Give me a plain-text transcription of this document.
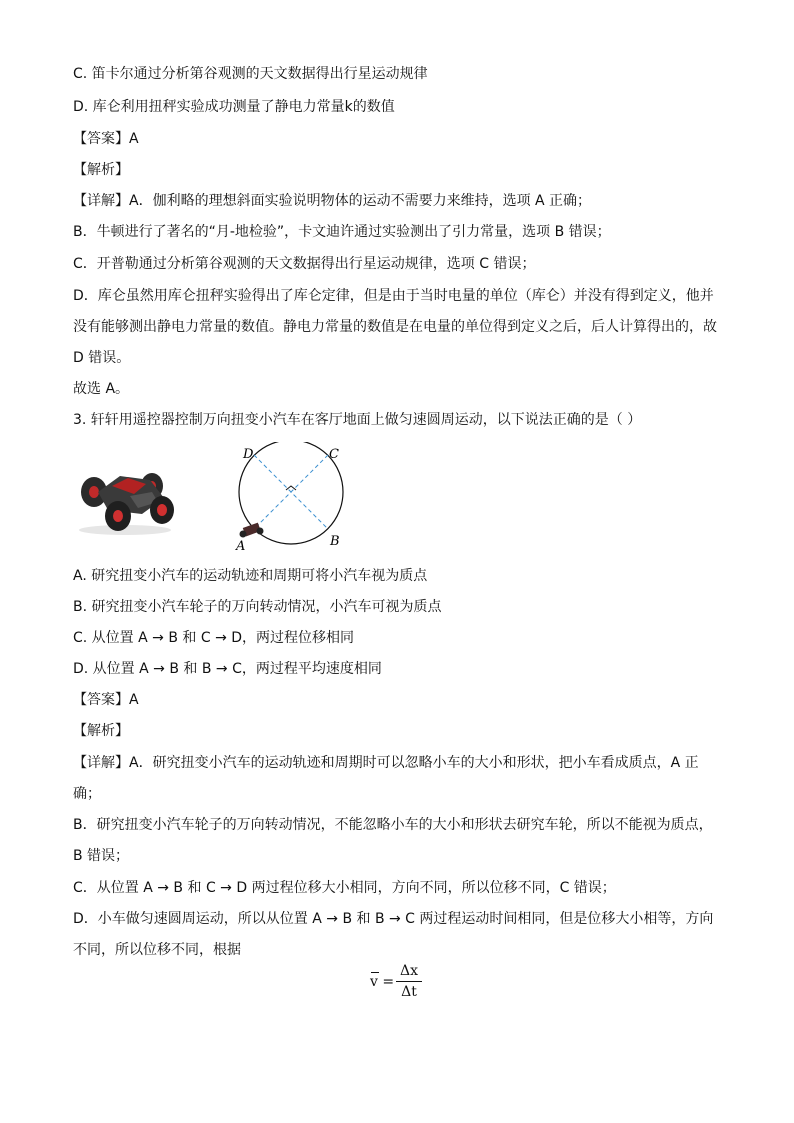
C. 笛卡尔通过分析第谷观测的天文数据得出行星运动规律
D. 库仑利用扭秤实验成功测量了静电力常量k的数值
【答案】A
【解析】
【详解】A．伽利略的理想斜面实验说明物体的运动不需要力来维持，选项 A 正确；
B．牛顿进行了著名的“月-地检验”，卡文迪许通过实验测出了引力常量，选项 B 错误；
C．开普勒通过分析第谷观测的天文数据得出行星运动规律，选项 C 错误；
D．库仑虽然用库仑扭秤实验得出了库仑定律，但是由于当时电量的单位（库仑）并没有得到定义，他并
没有能够测出静电力常量的数值。静电力常量的数值是在电量的单位得到定义之后，后人计算得出的，故
D 错误。
故选 A。
3. 轩轩用遥控器控制万向扭变小汽车在客厅地面上做匀速圆周运动，以下说法正确的是（ ）
D	C
A	B
A. 研究扭变小汽车的运动轨迹和周期可将小汽车视为质点
B. 研究扭变小汽车轮子的万向转动情况，小汽车可视为质点
C. 从位置 A → B 和 C → D，两过程位移相同
D. 从位置 A → B 和 B → C，两过程平均速度相同
【答案】A
【解析】
【详解】A．研究扭变小汽车的运动轨迹和周期时可以忽略小车的大小和形状，把小车看成质点，A 正
确；
B．研究扭变小汽车轮子的万向转动情况，不能忽略小车的大小和形状去研究车轮，所以不能视为质点，
B 错误；
C．从位置 A → B 和 C → D 两过程位移大小相同，方向不同，所以位移不同，C 错误；
D．小车做匀速圆周运动，所以从位置 A → B 和 B → C 两过程运动时间相同，但是位移大小相等，方向
不同，所以位移不同，根据
v =
Δx
Δt
